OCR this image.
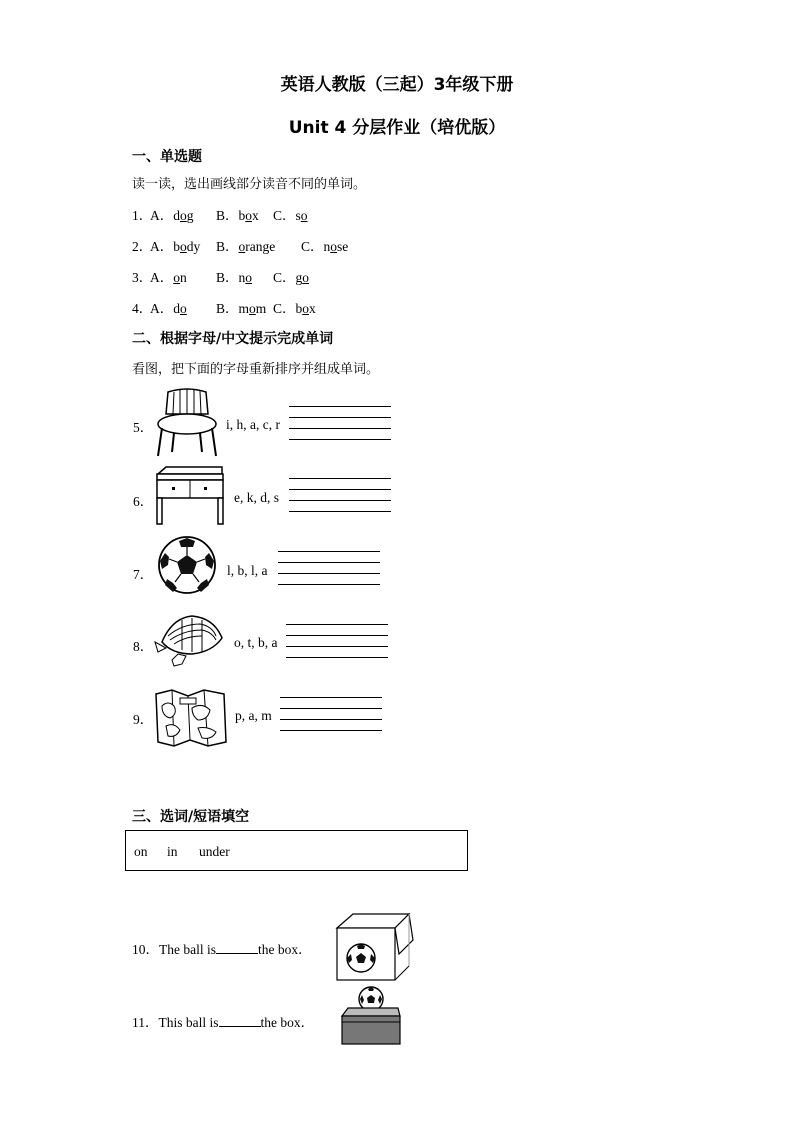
英语人教版（三起）3年级下册
Unit 4 分层作业（培优版）
一、单选题
读一读，选出画线部分读音不同的单词。
1．
A．dog B．box C．so
2．
A．body B．orange C．nose
3．
A．on B．no C．go
4．
A．do B．mom C．box
二、根据字母/中文提示完成单词
看图，把下面的字母重新排序并组成单词。
5．	i, h, a, c, r
6．	e, k, d, s
7．	l, b, l, a
8．	o, t, b, a
9．	p, a, m
三、选词/短语填空
on in under
10．The ball is	the box．
11．This ball is	the box．
